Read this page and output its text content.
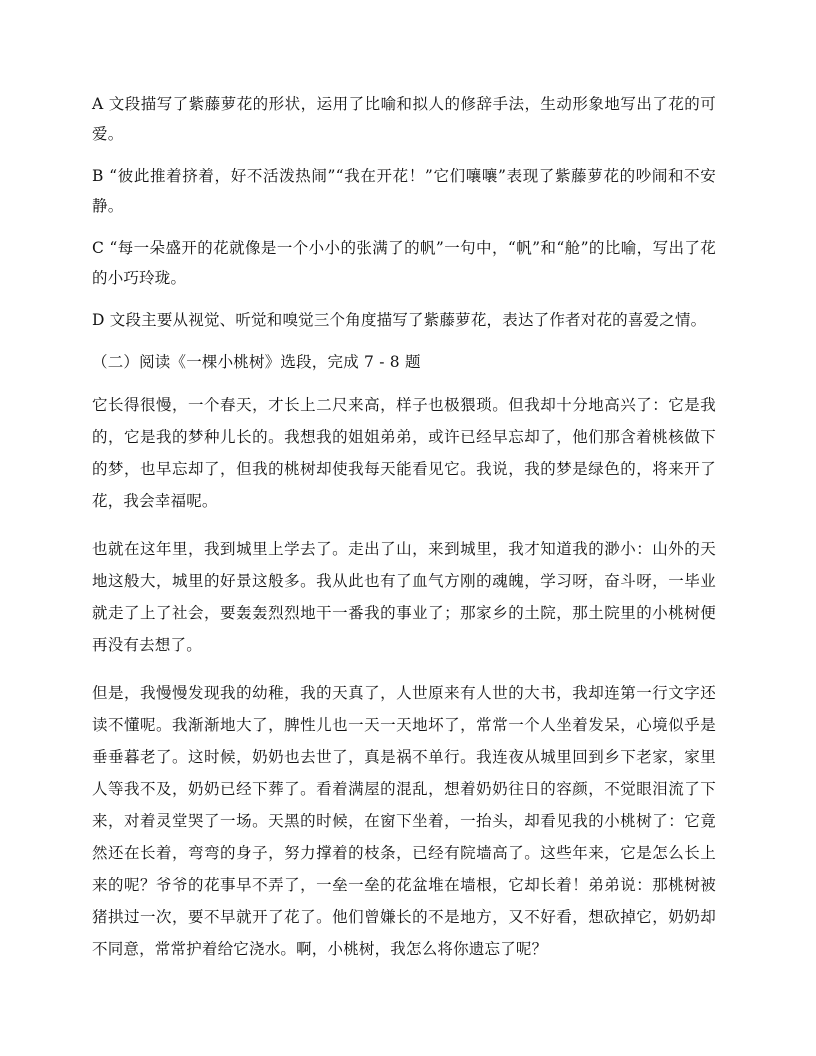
A 文段描写了紫藤萝花的形状，运用了比喻和拟人的修辞手法，生动形象地写出了花的可爱。

B “彼此推着挤着，好不活泼热闹”“我在开花！”它们嚷嚷”表现了紫藤萝花的吵闹和不安静。

C “每一朵盛开的花就像是一个小小的张满了的帆”一句中，“帆”和“舱”的比喻，写出了花的小巧玲珑。

D 文段主要从视觉、听觉和嗅觉三个角度描写了紫藤萝花，表达了作者对花的喜爱之情。

（二）阅读《一棵小桃树》选段，完成 7 - 8 题

它长得很慢，一个春天，才长上二尺来高，样子也极猥琐。但我却十分地高兴了：它是我的，它是我的梦种儿长的。我想我的姐姐弟弟，或许已经早忘却了，他们那含着桃核做下的梦，也早忘却了，但我的桃树却使我每天能看见它。我说，我的梦是绿色的，将来开了花，我会幸福呢。

也就在这年里，我到城里上学去了。走出了山，来到城里，我才知道我的渺小：山外的天地这般大，城里的好景这般多。我从此也有了血气方刚的魂魄，学习呀，奋斗呀，一毕业就走了上了社会，要轰轰烈烈地干一番我的事业了；那家乡的土院，那土院里的小桃树便再没有去想了。

但是，我慢慢发现我的幼稚，我的天真了，人世原来有人世的大书，我却连第一行文字还读不懂呢。我渐渐地大了，脾性儿也一天一天地坏了，常常一个人坐着发呆，心境似乎是垂垂暮老了。这时候，奶奶也去世了，真是祸不单行。我连夜从城里回到乡下老家，家里人等我不及，奶奶已经下葬了。看着满屋的混乱，想着奶奶往日的容颜，不觉眼泪流了下来，对着灵堂哭了一场。天黑的时候，在窗下坐着，一抬头，却看见我的小桃树了：它竟然还在长着，弯弯的身子，努力撑着的枝条，已经有院墙高了。这些年来，它是怎么长上来的呢？爷爷的花事早不弄了，一垒一垒的花盆堆在墙根，它却长着！弟弟说：那桃树被猪拱过一次，要不早就开了花了。他们曾嫌长的不是地方，又不好看，想砍掉它，奶奶却不同意，常常护着给它浇水。啊，小桃树，我怎么将你遗忘了呢？
